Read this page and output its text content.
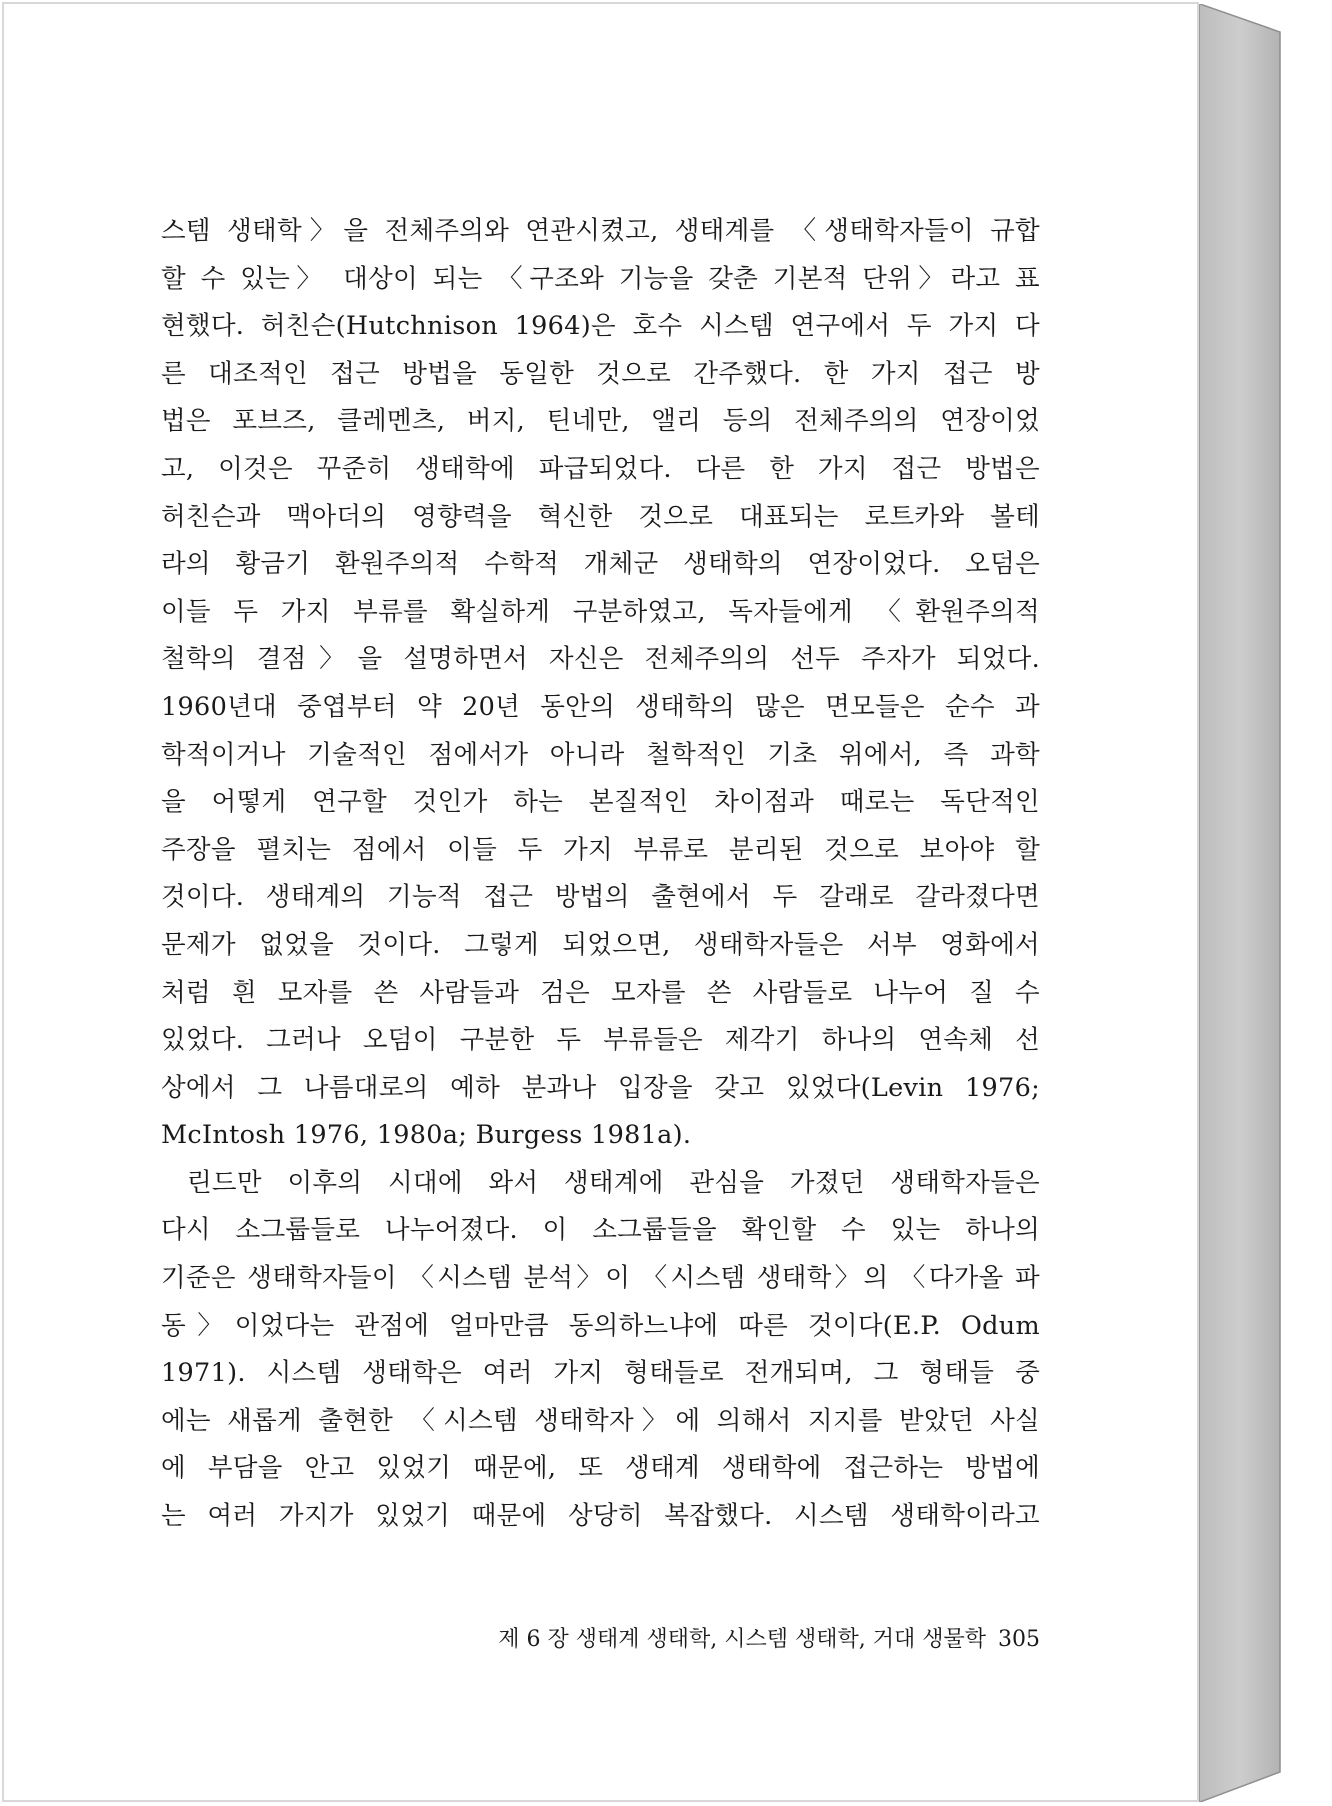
스템 생태학〉을 전체주의와 연관시켰고, 생태계를 〈생태학자들이 규합
할 수 있는〉 대상이 되는 〈구조와 기능을 갖춘 기본적 단위〉라고 표
현했다. 허친슨(Hutchnison 1964)은 호수 시스템 연구에서 두 가지 다
른 대조적인 접근 방법을 동일한 것으로 간주했다. 한 가지 접근 방
법은 포브즈, 클레멘츠, 버지, 틴네만, 앨리 등의 전체주의의 연장이었
고, 이것은 꾸준히 생태학에 파급되었다. 다른 한 가지 접근 방법은
허친슨과 맥아더의 영향력을 혁신한 것으로 대표되는 로트카와 볼테
라의 황금기 환원주의적 수학적 개체군 생태학의 연장이었다. 오덤은
이들 두 가지 부류를 확실하게 구분하였고, 독자들에게 〈환원주의적
철학의 결점〉을 설명하면서 자신은 전체주의의 선두 주자가 되었다.
1960년대 중엽부터 약 20년 동안의 생태학의 많은 면모들은 순수 과
학적이거나 기술적인 점에서가 아니라 철학적인 기초 위에서, 즉 과학
을 어떻게 연구할 것인가 하는 본질적인 차이점과 때로는 독단적인
주장을 펼치는 점에서 이들 두 가지 부류로 분리된 것으로 보아야 할
것이다. 생태계의 기능적 접근 방법의 출현에서 두 갈래로 갈라졌다면
문제가 없었을 것이다. 그렇게 되었으면, 생태학자들은 서부 영화에서
처럼 흰 모자를 쓴 사람들과 검은 모자를 쓴 사람들로 나누어 질 수
있었다. 그러나 오덤이 구분한 두 부류들은 제각기 하나의 연속체 선
상에서 그 나름대로의 예하 분과나 입장을 갖고 있었다(Levin 1976;
McIntosh 1976, 1980a; Burgess 1981a).
린드만 이후의 시대에 와서 생태계에 관심을 가졌던 생태학자들은
다시 소그룹들로 나누어졌다. 이 소그룹들을 확인할 수 있는 하나의
기준은 생태학자들이 〈시스템 분석〉이 〈시스템 생태학〉의 〈다가올 파
동〉이었다는 관점에 얼마만큼 동의하느냐에 따른 것이다(E.P. Odum
1971). 시스템 생태학은 여러 가지 형태들로 전개되며, 그 형태들 중
에는 새롭게 출현한 〈시스템 생태학자〉에 의해서 지지를 받았던 사실
에 부담을 안고 있었기 때문에, 또 생태계 생태학에 접근하는 방법에
는 여러 가지가 있었기 때문에 상당히 복잡했다. 시스템 생태학이라고
제 6 장 생태계 생태학, 시스템 생태학, 거대 생물학 305
